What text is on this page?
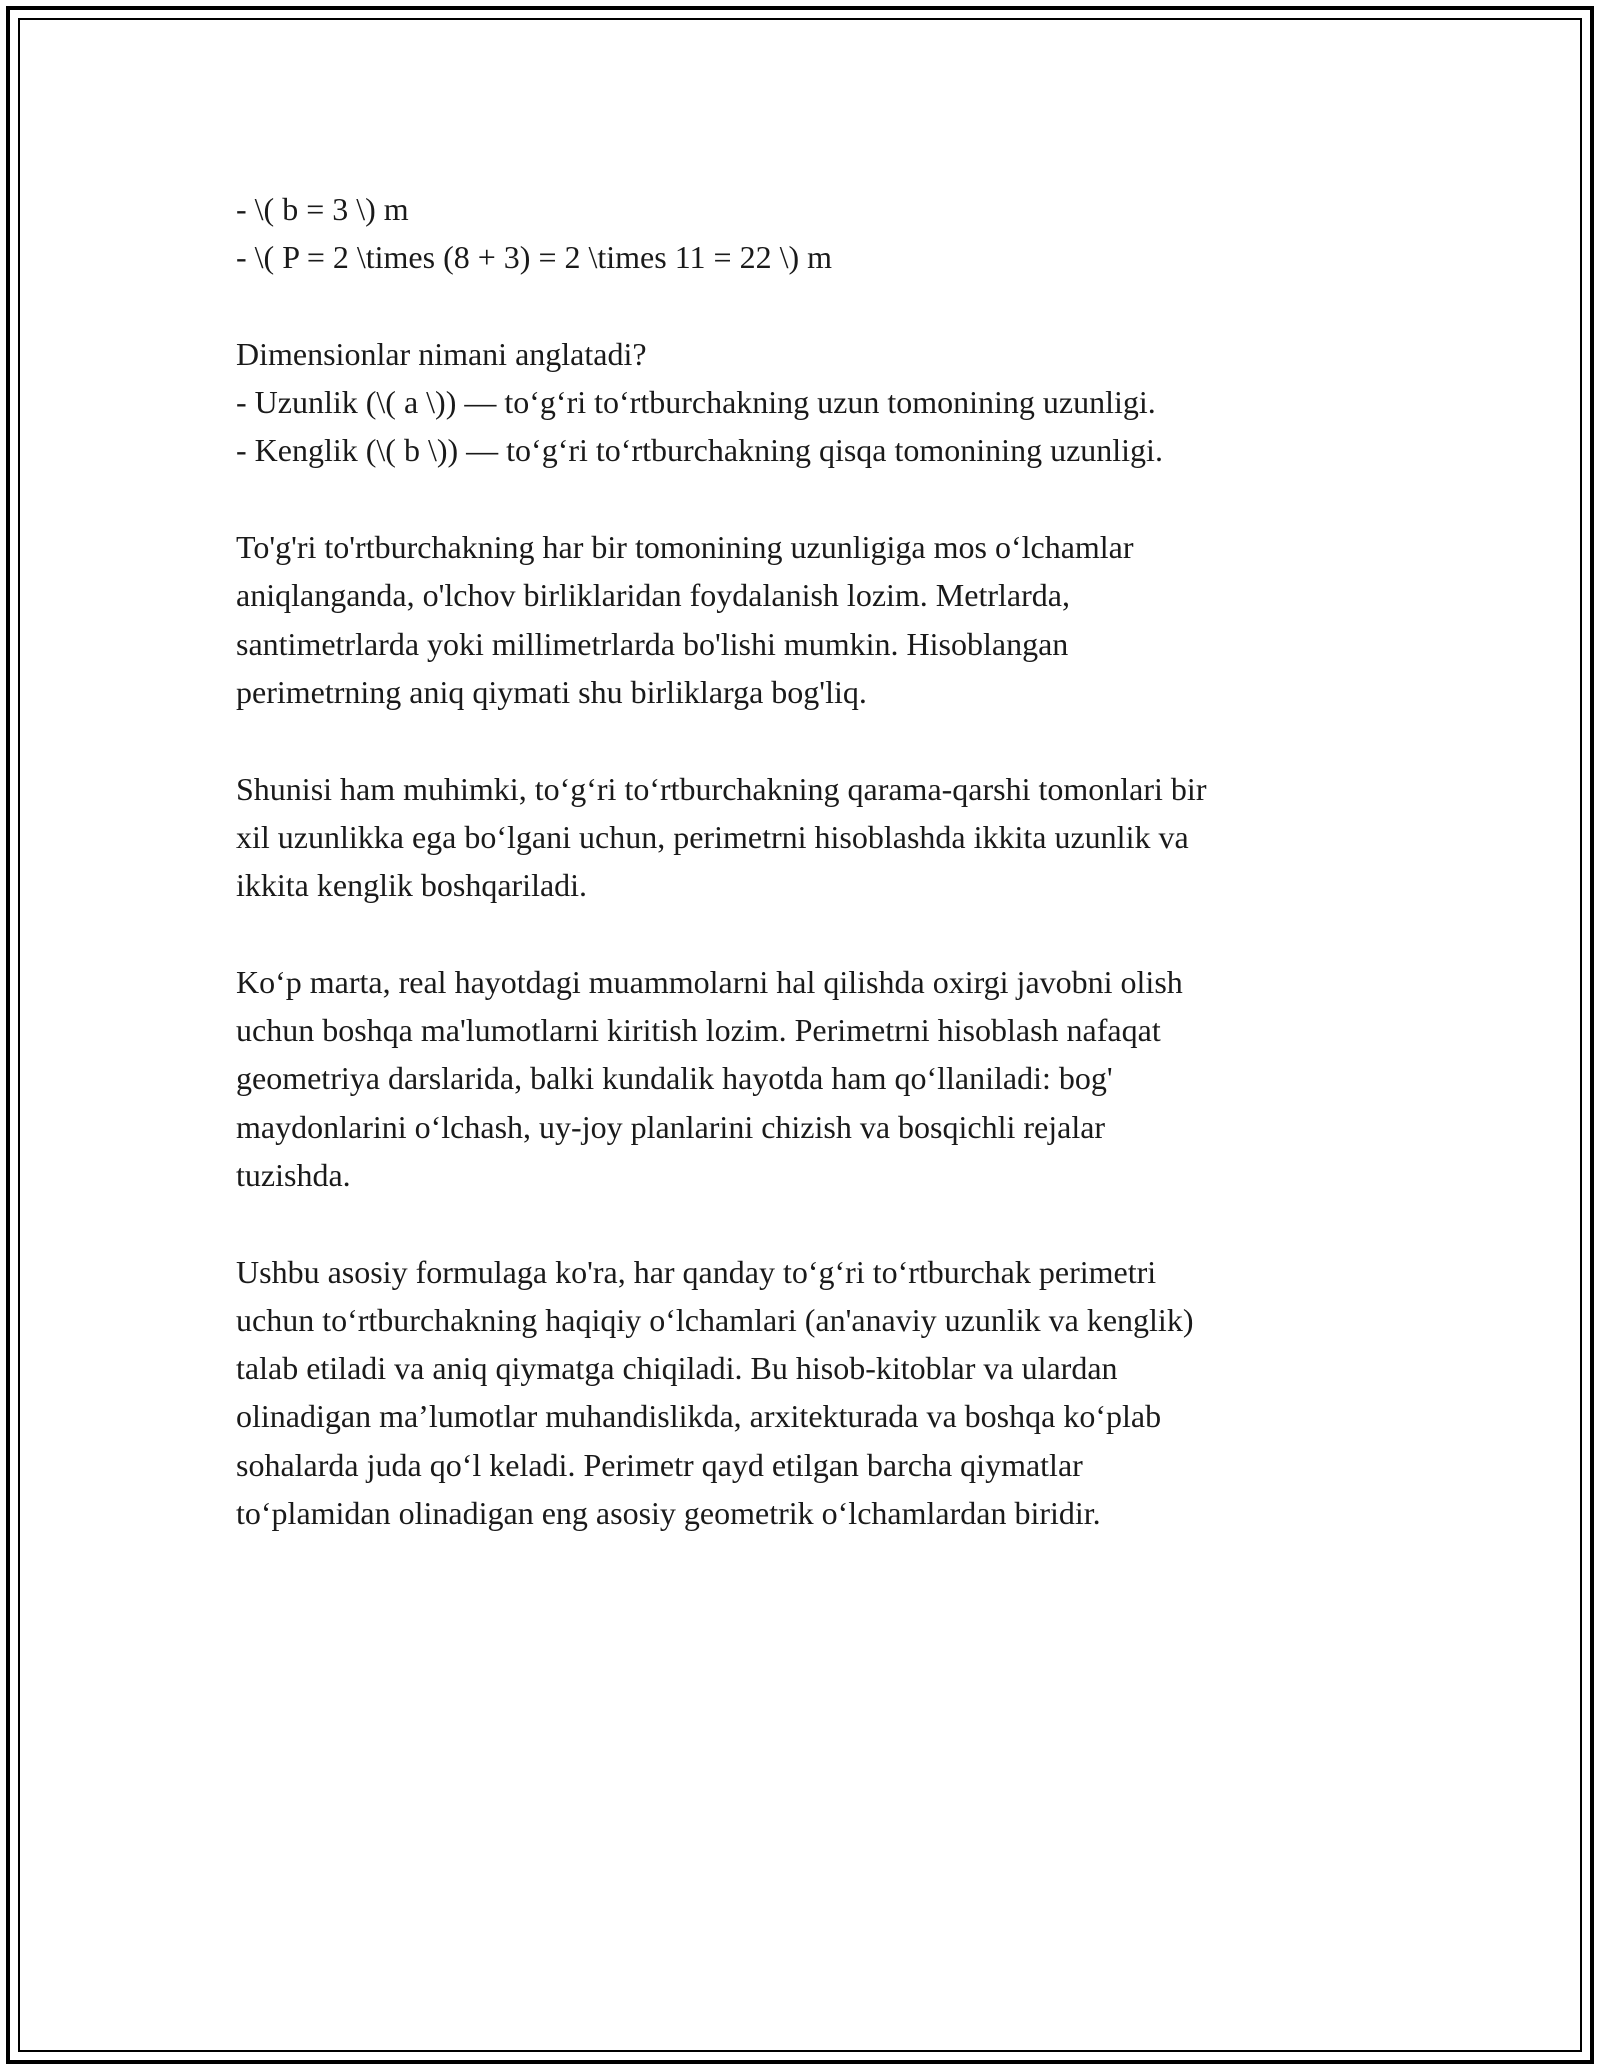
- \( b = 3 \) m
- \( P = 2 \times (8 + 3) = 2 \times 11 = 22 \) m
Dimensionlar nimani anglatadi?
- Uzunlik (\( a \)) — to‘g‘ri to‘rtburchakning uzun tomonining uzunligi.
- Kenglik (\( b \)) — to‘g‘ri to‘rtburchakning qisqa tomonining uzunligi.
To'g'ri to'rtburchakning har bir tomonining uzunligiga mos o‘lchamlar
aniqlanganda, o'lchov birliklaridan foydalanish lozim. Metrlarda,
santimetrlarda yoki millimetrlarda bo'lishi mumkin. Hisoblangan
perimetrning aniq qiymati shu birliklarga bog'liq.
Shunisi ham muhimki, to‘g‘ri to‘rtburchakning qarama-qarshi tomonlari bir
xil uzunlikka ega bo‘lgani uchun, perimetrni hisoblashda ikkita uzunlik va
ikkita kenglik boshqariladi.
Ko‘p marta, real hayotdagi muammolarni hal qilishda oxirgi javobni olish
uchun boshqa ma'lumotlarni kiritish lozim. Perimetrni hisoblash nafaqat
geometriya darslarida, balki kundalik hayotda ham qo‘llaniladi: bog'
maydonlarini o‘lchash, uy-joy planlarini chizish va bosqichli rejalar
tuzishda.
Ushbu asosiy formulaga ko'ra, har qanday to‘g‘ri to‘rtburchak perimetri
uchun to‘rtburchakning haqiqiy o‘lchamlari (an'anaviy uzunlik va kenglik)
talab etiladi va aniq qiymatga chiqiladi. Bu hisob-kitoblar va ulardan
olinadigan ma’lumotlar muhandislikda, arxitekturada va boshqa ko‘plab
sohalarda juda qo‘l keladi. Perimetr qayd etilgan barcha qiymatlar
to‘plamidan olinadigan eng asosiy geometrik o‘lchamlardan biridir.
